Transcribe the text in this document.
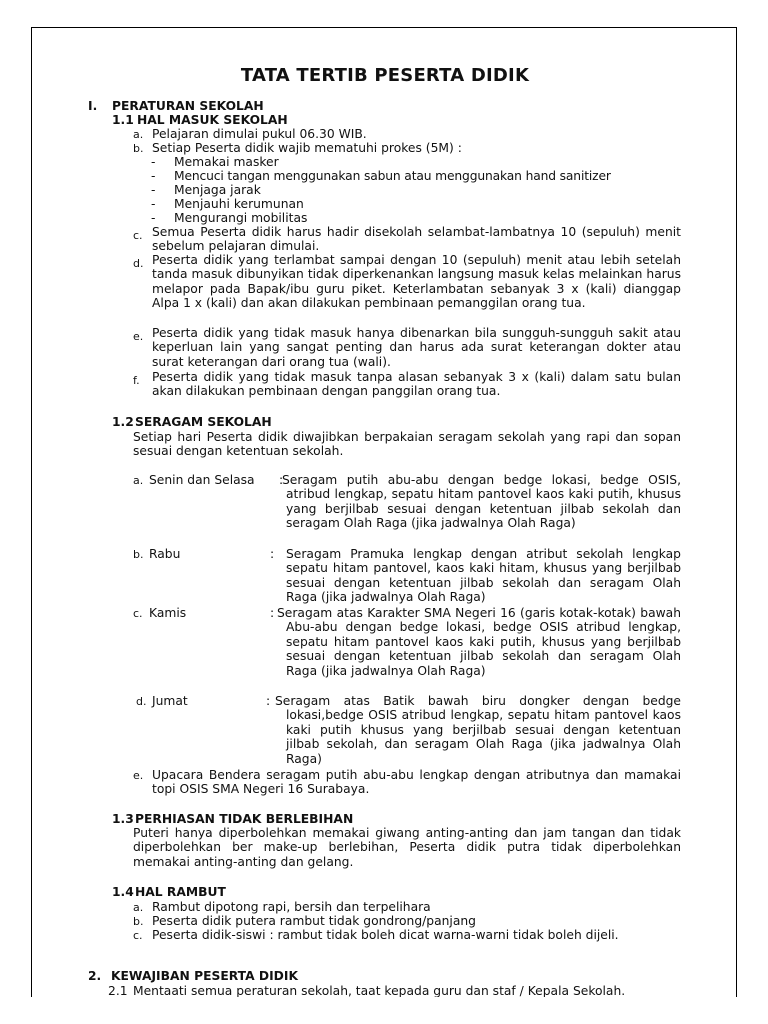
TATA TERTIB PESERTA DIDIK
I. PERATURAN SEKOLAH
1.1 HAL MASUK SEKOLAH
a. Pelajaran dimulai pukul 06.30 WIB.
b. Setiap Peserta didik wajib mematuhi prokes (5M) :
- Memakai masker
- Mencuci tangan menggunakan sabun atau menggunakan hand sanitizer
- Menjaga jarak
- Menjauhi kerumunan
- Mengurangi mobilitas
c. Semua Peserta didik harus hadir disekolah selambat-lambatnya 10 (sepuluh) menit sebelum pelajaran dimulai.
d. Peserta didik yang terlambat sampai dengan 10 (sepuluh) menit atau lebih setelah tanda masuk dibunyikan tidak diperkenankan langsung masuk kelas melainkan harus melapor pada Bapak/ibu guru piket. Keterlambatan sebanyak 3 x (kali) dianggap Alpa 1 x (kali) dan akan dilakukan pembinaan pemanggilan orang tua.
e. Peserta didik yang tidak masuk hanya dibenarkan bila sungguh-sungguh sakit atau keperluan lain yang sangat penting dan harus ada surat keterangan dokter atau surat keterangan dari orang tua (wali).
f. Peserta didik yang tidak masuk tanpa alasan sebanyak 3 x (kali) dalam satu bulan akan dilakukan pembinaan dengan panggilan orang tua.
1.2 SERAGAM SEKOLAH
Setiap hari Peserta didik diwajibkan berpakaian seragam sekolah yang rapi dan sopan sesuai dengan ketentuan sekolah.
a. Senin dan Selasa :
Seragam putih abu-abu dengan bedge lokasi, bedge OSIS, atribud lengkap, sepatu hitam pantovel kaos kaki putih, khusus yang berjilbab sesuai dengan ketentuan jilbab sekolah dan seragam Olah Raga (jika jadwalnya Olah Raga)
b. Rabu	: Seragam Pramuka lengkap dengan atribut sekolah lengkap sepatu hitam pantovel, kaos kaki hitam, khusus yang berjilbab sesuai dengan ketentuan jilbab sekolah dan seragam Olah Raga (jika jadwalnya Olah Raga)
c. Kamis	: Seragam atas Karakter SMA Negeri 16 (garis kotak-kotak) bawah Abu-abu dengan bedge lokasi, bedge OSIS atribud lengkap, sepatu hitam pantovel kaos kaki putih, khusus yang berjilbab sesuai dengan ketentuan jilbab sekolah dan seragam Olah Raga (jika jadwalnya Olah Raga)
d. Jumat	: Seragam atas Batik bawah biru dongker dengan bedge lokasi,bedge OSIS atribud lengkap, sepatu hitam pantovel kaos kaki putih khusus yang berjilbab sesuai dengan ketentuan jilbab sekolah, dan seragam Olah Raga (jika jadwalnya Olah Raga)
e. Upacara Bendera seragam putih abu-abu lengkap dengan atributnya dan mamakai topi OSIS SMA Negeri 16 Surabaya.
1.3 PERHIASAN TIDAK BERLEBIHAN
Puteri hanya diperbolehkan memakai giwang anting-anting dan jam tangan dan tidak diperbolehkan ber make-up berlebihan, Peserta didik putra tidak diperbolehkan memakai anting-anting dan gelang.
1.4 HAL RAMBUT
a. Rambut dipotong rapi, bersih dan terpelihara
b. Peserta didik putera rambut tidak gondrong/panjang
c. Peserta didik-siswi : rambut tidak boleh dicat warna-warni tidak boleh dijeli.
2. KEWAJIBAN PESERTA DIDIK
2.1 Mentaati semua peraturan sekolah, taat kepada guru dan staf / Kepala Sekolah.
